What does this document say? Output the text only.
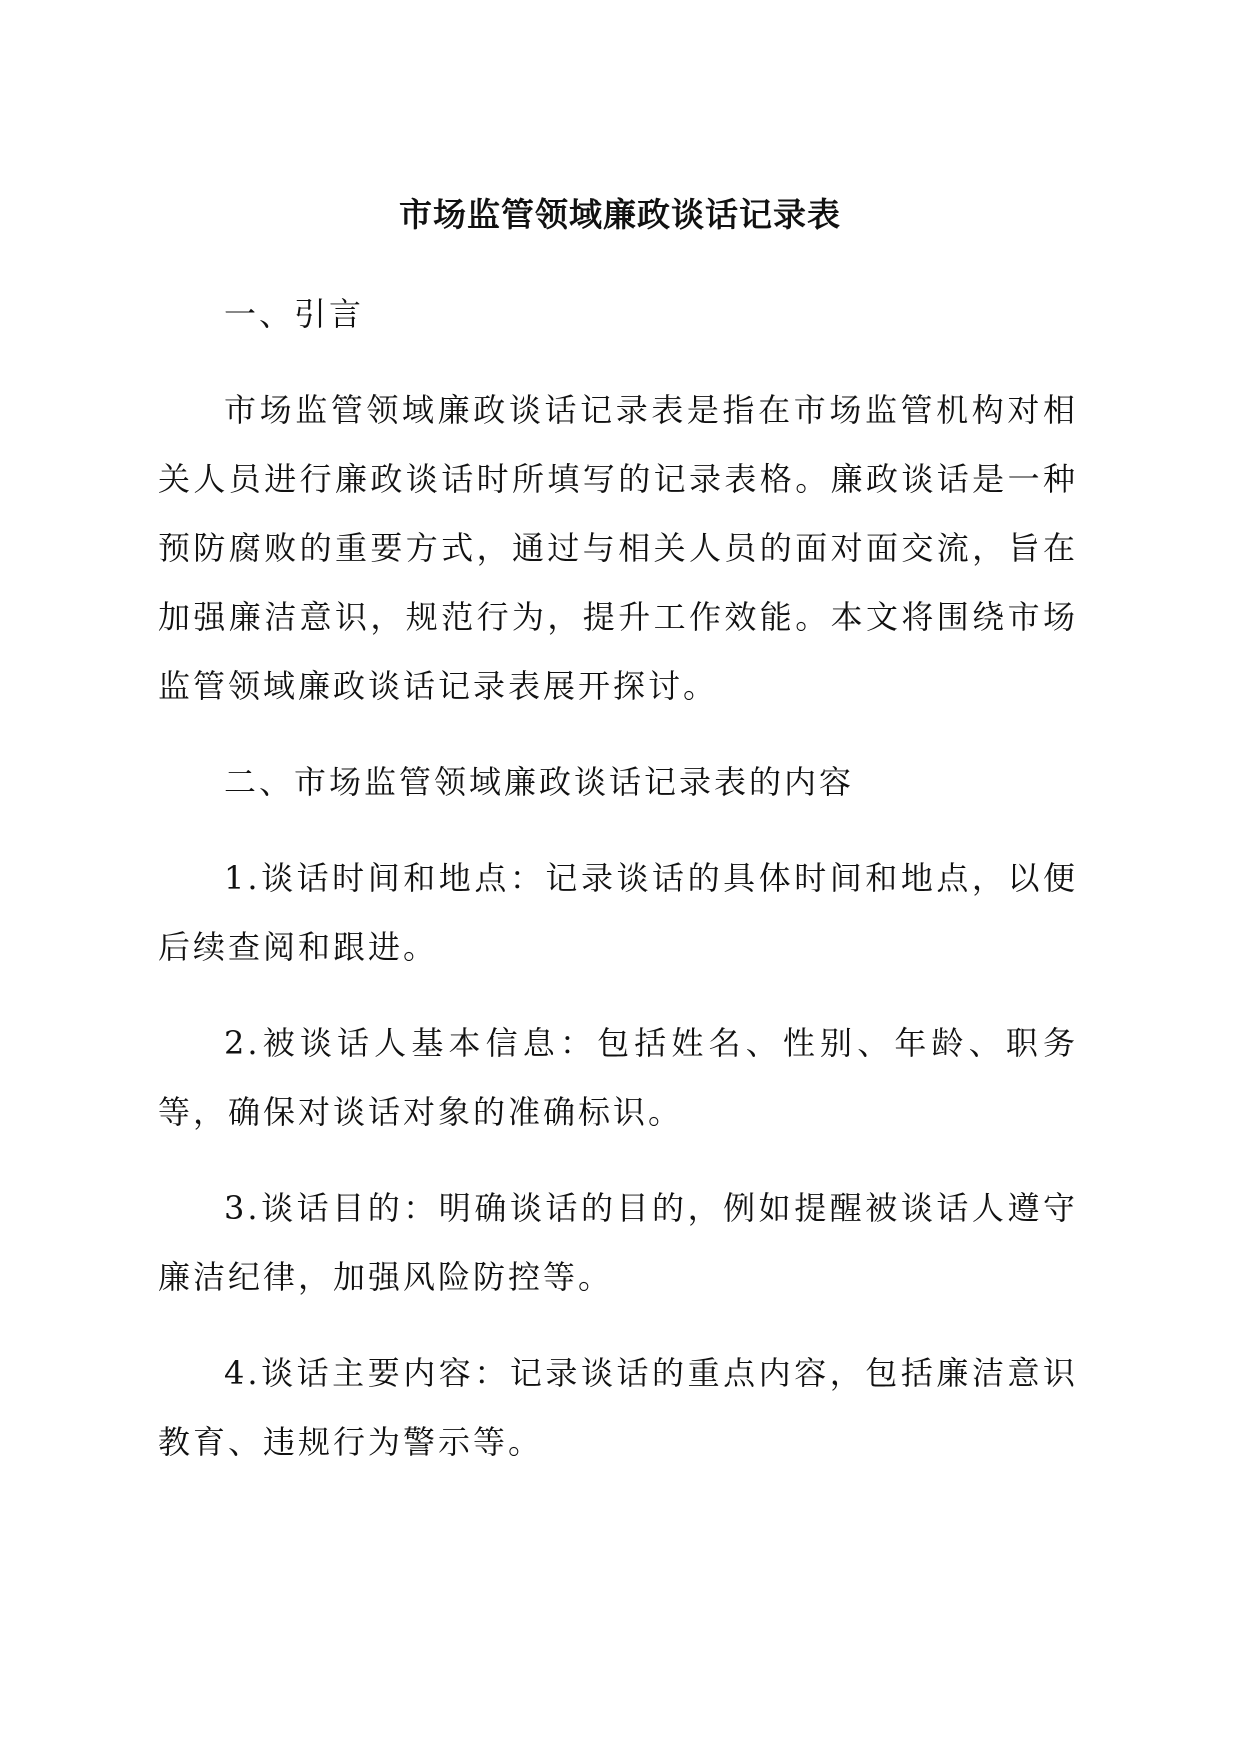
市场监管领域廉政谈话记录表

一、引言

市场监管领域廉政谈话记录表是指在市场监管机构对相关人员进行廉政谈话时所填写的记录表格。廉政谈话是一种预防腐败的重要方式，通过与相关人员的面对面交流，旨在加强廉洁意识，规范行为，提升工作效能。本文将围绕市场监管领域廉政谈话记录表展开探讨。

二、市场监管领域廉政谈话记录表的内容

1.谈话时间和地点：记录谈话的具体时间和地点，以便后续查阅和跟进。

2.被谈话人基本信息：包括姓名、性别、年龄、职务等，确保对谈话对象的准确标识。

3.谈话目的：明确谈话的目的，例如提醒被谈话人遵守廉洁纪律，加强风险防控等。

4.谈话主要内容：记录谈话的重点内容，包括廉洁意识教育、违规行为警示等。
